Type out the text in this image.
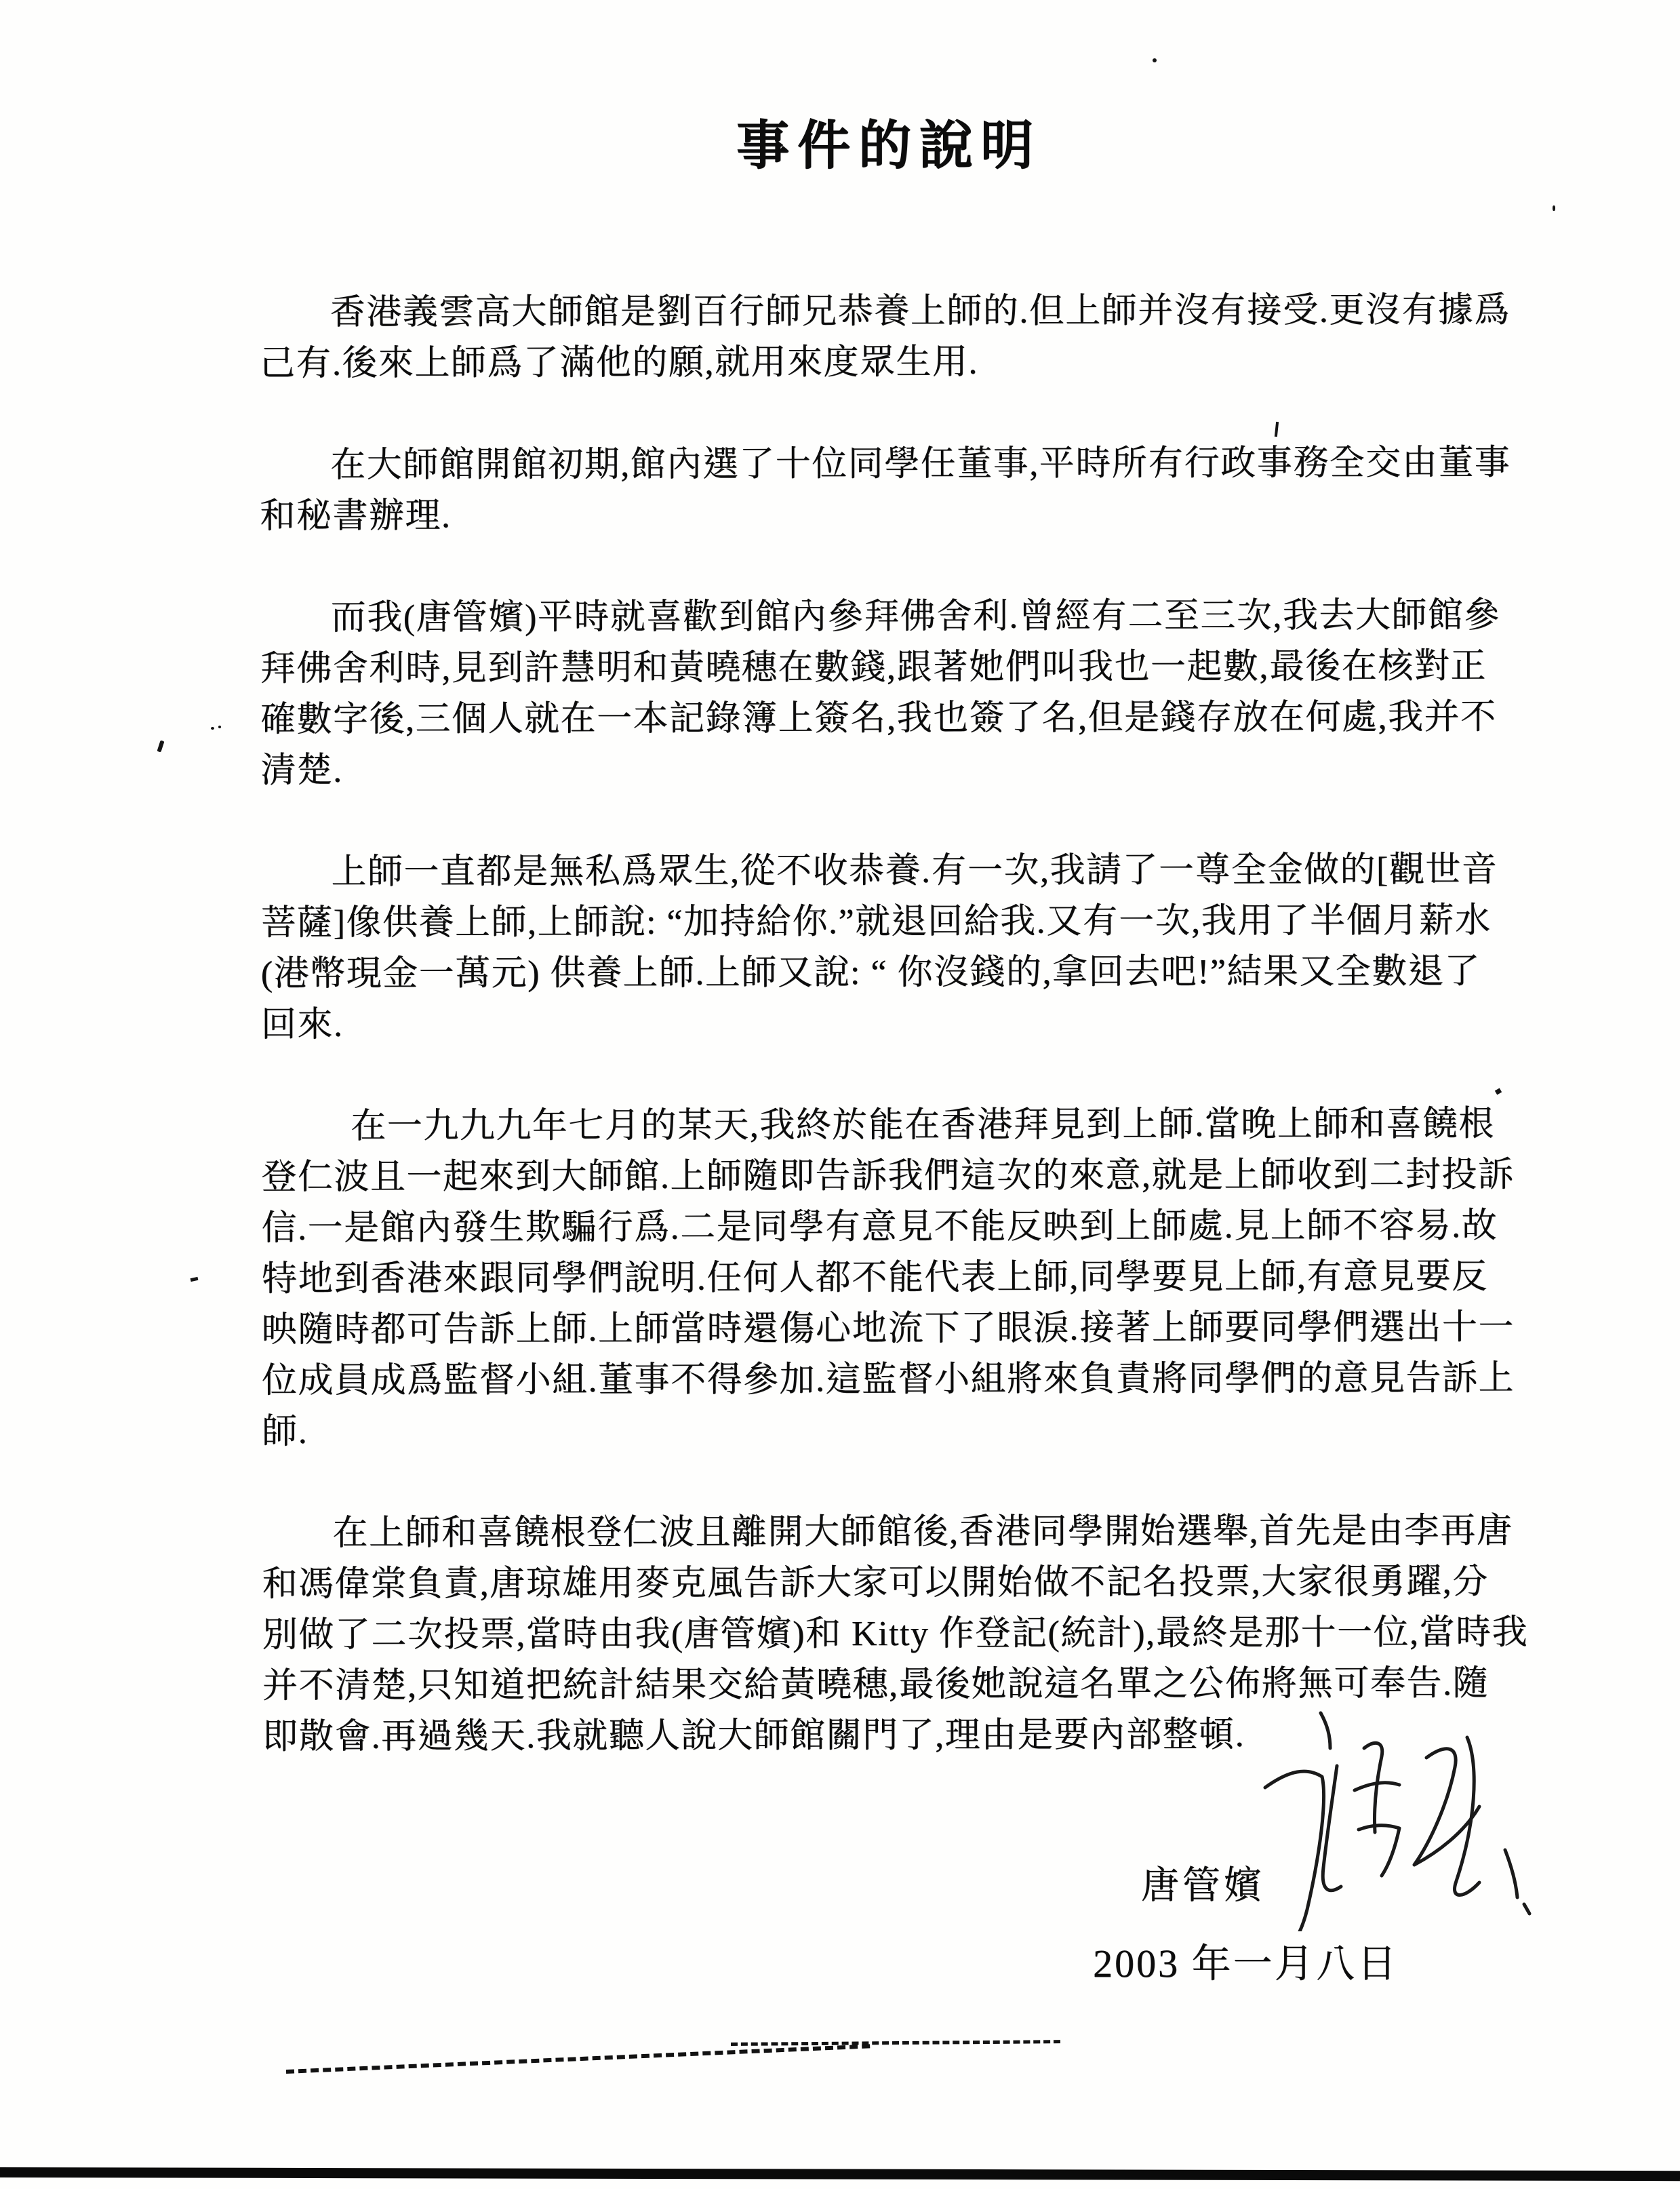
事件的說明
香港義雲高大師館是劉百行師兄恭養上師的.但上師并沒有接受.更沒有據爲
己有.後來上師爲了滿他的願,就用來度眾生用.
在大師館開館初期,館內選了十位同學任董事,平時所有行政事務全交由董事
和秘書辦理.
而我(唐管嬪)平時就喜歡到館內參拜佛舍利.曾經有二至三次,我去大師館參
拜佛舍利時,見到許慧明和黃曉穗在數錢,跟著她們叫我也一起數,最後在核對正
確數字後,三個人就在一本記錄簿上簽名,我也簽了名,但是錢存放在何處,我并不
清楚.
上師一直都是無私爲眾生,從不收恭養.有一次,我請了一尊全金做的[觀世音
菩薩]像供養上師,上師說: “加持給你.”就退回給我.又有一次,我用了半個月薪水
(港幣現金一萬元) 供養上師.上師又說: “ 你沒錢的,拿回去吧!”結果又全數退了
回來.
在一九九九年七月的某天,我終於能在香港拜見到上師.當晚上師和喜饒根
登仁波且一起來到大師館.上師隨即告訴我們這次的來意,就是上師收到二封投訴
信.一是館內發生欺騙行爲.二是同學有意見不能反映到上師處.見上師不容易.故
特地到香港來跟同學們說明.任何人都不能代表上師,同學要見上師,有意見要反
映隨時都可告訴上師.上師當時還傷心地流下了眼淚.接著上師要同學們選出十一
位成員成爲監督小組.董事不得參加.這監督小組將來負責將同學們的意見告訴上
師.
在上師和喜饒根登仁波且離開大師館後,香港同學開始選舉,首先是由李再唐
和馮偉棠負責,唐琼雄用麥克風告訴大家可以開始做不記名投票,大家很勇躍,分
別做了二次投票,當時由我(唐管嬪)和 Kitty 作登記(統計),最終是那十一位,當時我
并不清楚,只知道把統計結果交給黃曉穗,最後她說這名單之公佈將無可奉告.隨
即散會.再過幾天.我就聽人說大師館關門了,理由是要內部整頓.
唐管嬪
2003 年一月八日
